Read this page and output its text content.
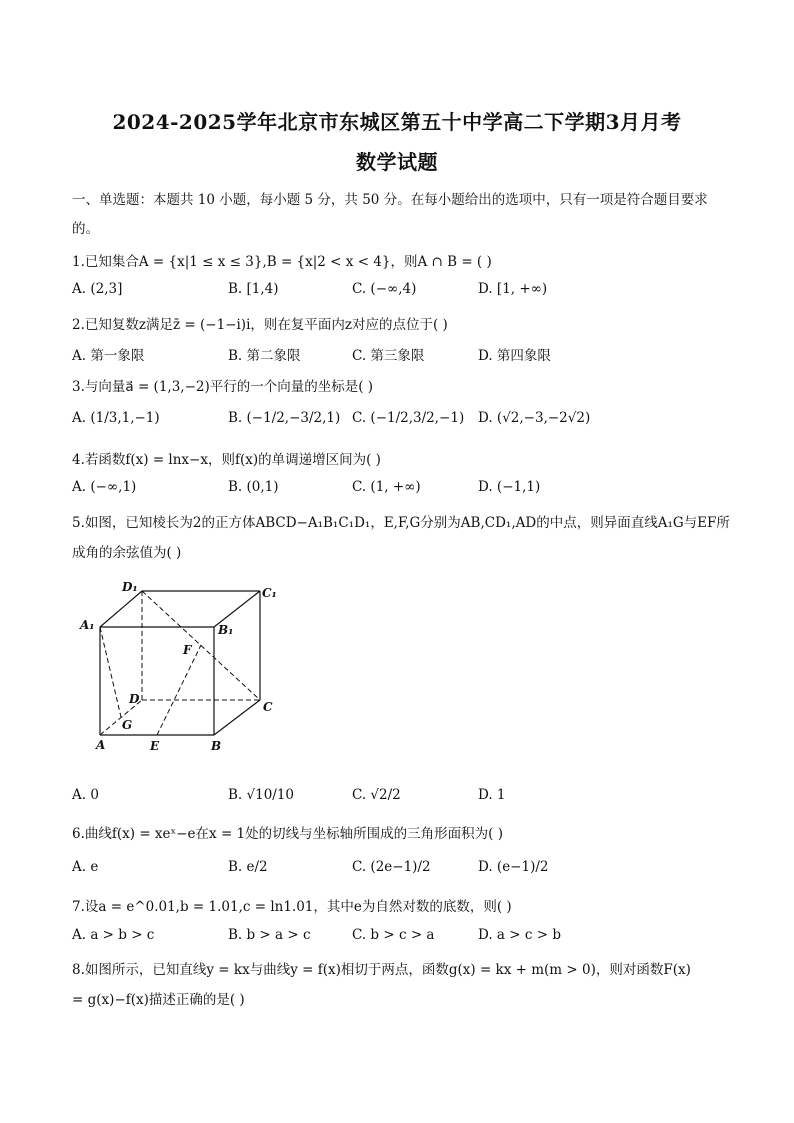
2024-2025学年北京市东城区第五十中学高二下学期3月月考
数学试题
一、单选题：本题共 10 小题，每小题 5 分，共 50 分。在每小题给出的选项中，只有一项是符合题目要求
的。
1.已知集合A = {x|1 ≤ x ≤ 3},B = {x|2 < x < 4}，则A ∩ B = ( )
A. (2,3]	B. [1,4)	C. (−∞,4)	D. [1, +∞)
2.已知复数z满足z̄ = (−1−i)i，则在复平面内z对应的点位于( )
A. 第一象限	B. 第二象限	C. 第三象限	D. 第四象限
3.与向量a⃗ = (1,3,−2)平行的一个向量的坐标是( )
A. (1/3,1,−1)	B. (−1/2,−3/2,1) C. (−1/2,3/2,−1) D. (√2,−3,−2√2)
4.若函数f(x) = lnx−x，则f(x)的单调递增区间为( )
A. (−∞,1)	B. (0,1)	C. (1, +∞)	D. (−1,1)
5.如图，已知棱长为2的正方体ABCD−A₁B₁C₁D₁，E,F,G分别为AB,CD₁,AD的中点，则异面直线A₁G与EF所
成角的余弦值为( )
D₁	C₁
A₁	B₁
F
D
C
G
A	E	B
A. 0	B. √10/10	C. √2/2	D. 1
6.曲线f(x) = xeˣ−e在x = 1处的切线与坐标轴所围成的三角形面积为( )
A. e	B. e/2	C. (2e−1)/2	D. (e−1)/2
7.设a = e^0.01,b = 1.01,c = ln1.01，其中e为自然对数的底数，则( )
A. a > b > c	B. b > a > c	C. b > c > a	D. a > c > b
8.如图所示，已知直线y = kx与曲线y = f(x)相切于两点，函数g(x) = kx + m(m > 0)，则对函数F(x)
= g(x)−f(x)描述正确的是( )
